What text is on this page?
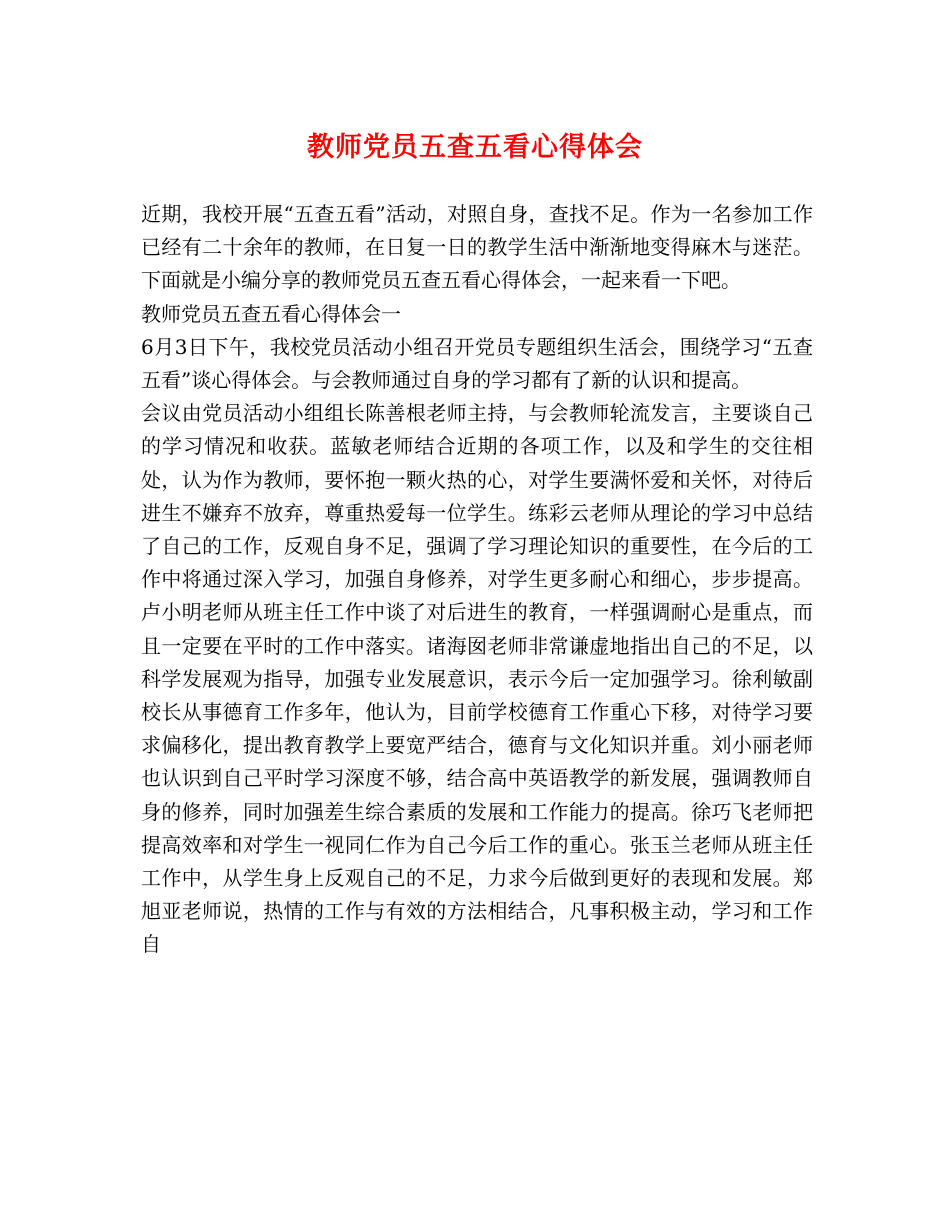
教师党员五查五看心得体会

近期，我校开展“五查五看”活动，对照自身，查找不足。作为一名参加工作已经有二十余年的教师，在日复一日的教学生活中渐渐地变得麻木与迷茫。下面就是小编分享的教师党员五查五看心得体会，一起来看一下吧。

教师党员五查五看心得体会一

6月3日下午，我校党员活动小组召开党员专题组织生活会，围绕学习“五查五看”谈心得体会。与会教师通过自身的学习都有了新的认识和提高。

会议由党员活动小组组长陈善根老师主持，与会教师轮流发言，主要谈自己的学习情况和收获。蓝敏老师结合近期的各项工作，以及和学生的交往相处，认为作为教师，要怀抱一颗火热的心，对学生要满怀爱和关怀，对待后进生不嫌弃不放弃，尊重热爱每一位学生。练彩云老师从理论的学习中总结了自己的工作，反观自身不足，强调了学习理论知识的重要性，在今后的工作中将通过深入学习，加强自身修养，对学生更多耐心和细心，步步提高。卢小明老师从班主任工作中谈了对后进生的教育，一样强调耐心是重点，而且一定要在平时的工作中落实。诸海囡老师非常谦虚地指出自己的不足，以科学发展观为指导，加强专业发展意识，表示今后一定加强学习。徐利敏副校长从事德育工作多年，他认为，目前学校德育工作重心下移，对待学习要求偏移化，提出教育教学上要宽严结合，德育与文化知识并重。刘小丽老师也认识到自己平时学习深度不够，结合高中英语教学的新发展，强调教师自身的修养，同时加强差生综合素质的发展和工作能力的提高。徐巧飞老师把提高效率和对学生一视同仁作为自己今后工作的重心。张玉兰老师从班主任工作中，从学生身上反观自己的不足，力求今后做到更好的表现和发展。郑旭亚老师说，热情的工作与有效的方法相结合，凡事积极主动，学习和工作自
